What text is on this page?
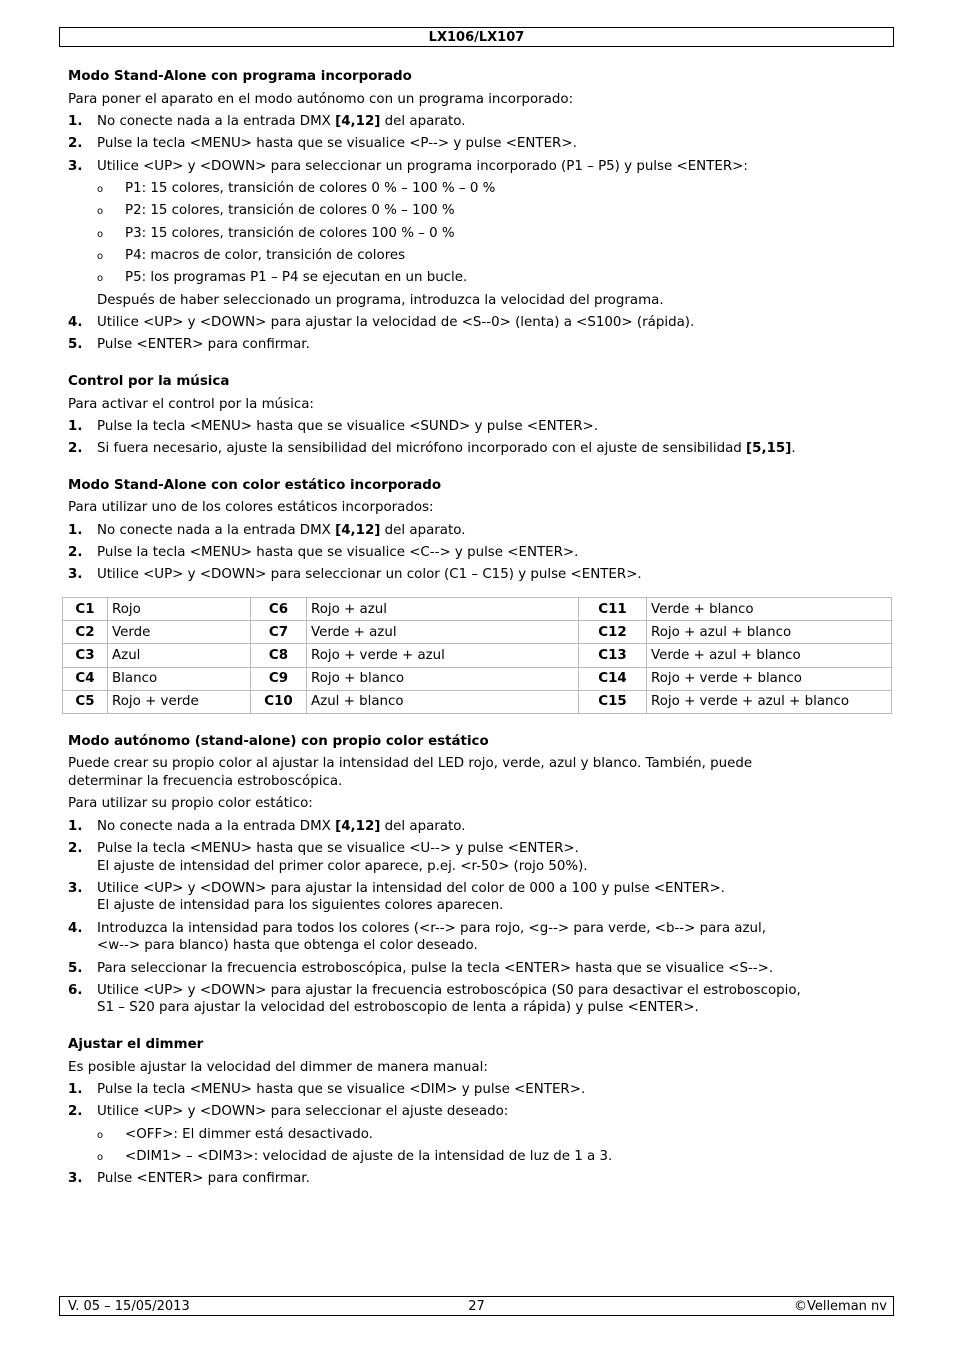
LX106/LX107
Modo Stand-Alone con programa incorporado
Para poner el aparato en el modo autónomo con un programa incorporado:
1. No conecte nada a la entrada DMX [4,12] del aparato.
2. Pulse la tecla <MENU> hasta que se visualice <P--> y pulse <ENTER>.
3. Utilice <UP> y <DOWN> para seleccionar un programa incorporado (P1 – P5) y pulse <ENTER>:
o P1: 15 colores, transición de colores 0 % – 100 % – 0 %
o P2: 15 colores, transición de colores 0 % – 100 %
o P3: 15 colores, transición de colores 100 % – 0 %
o P4: macros de color, transición de colores
o P5: los programas P1 – P4 se ejecutan en un bucle.
Después de haber seleccionado un programa, introduzca la velocidad del programa.
4. Utilice <UP> y <DOWN> para ajustar la velocidad de <S--0> (lenta) a <S100> (rápida).
5. Pulse <ENTER> para confirmar.
Control por la música
Para activar el control por la música:
1. Pulse la tecla <MENU> hasta que se visualice <SUND> y pulse <ENTER>.
2. Si fuera necesario, ajuste la sensibilidad del micrófono incorporado con el ajuste de sensibilidad [5,15].
Modo Stand-Alone con color estático incorporado
Para utilizar uno de los colores estáticos incorporados:
1. No conecte nada a la entrada DMX [4,12] del aparato.
2. Pulse la tecla <MENU> hasta que se visualice <C--> y pulse <ENTER>.
3. Utilice <UP> y <DOWN> para seleccionar un color (C1 – C15) y pulse <ENTER>.
C1	Rojo	C6	Rojo + azul	C11	Verde + blanco
C2	Verde	C7	Verde + azul	C12	Rojo + azul + blanco
C3	Azul	C8	Rojo + verde + azul	C13	Verde + azul + blanco
C4	Blanco	C9	Rojo + blanco	C14	Rojo + verde + blanco
C5	Rojo + verde	C10	Azul + blanco	C15	Rojo + verde + azul + blanco
Modo autónomo (stand-alone) con propio color estático
Puede crear su propio color al ajustar la intensidad del LED rojo, verde, azul y blanco. También, puede
determinar la frecuencia estroboscópica.
Para utilizar su propio color estático:
1. No conecte nada a la entrada DMX [4,12] del aparato.
2. Pulse la tecla <MENU> hasta que se visualice <U--> y pulse <ENTER>.
El ajuste de intensidad del primer color aparece, p.ej. <r-50> (rojo 50%).
3. Utilice <UP> y <DOWN> para ajustar la intensidad del color de 000 a 100 y pulse <ENTER>.
El ajuste de intensidad para los siguientes colores aparecen.
4. Introduzca la intensidad para todos los colores (<r--> para rojo, <g--> para verde, <b--> para azul,
<w--> para blanco) hasta que obtenga el color deseado.
5. Para seleccionar la frecuencia estroboscópica, pulse la tecla <ENTER> hasta que se visualice <S-->.
6. Utilice <UP> y <DOWN> para ajustar la frecuencia estroboscópica (S0 para desactivar el estroboscopio,
S1 – S20 para ajustar la velocidad del estroboscopio de lenta a rápida) y pulse <ENTER>.
Ajustar el dimmer
Es posible ajustar la velocidad del dimmer de manera manual:
1. Pulse la tecla <MENU> hasta que se visualice <DIM> y pulse <ENTER>.
2. Utilice <UP> y <DOWN> para seleccionar el ajuste deseado:
o <OFF>: El dimmer está desactivado.
o <DIM1> – <DIM3>: velocidad de ajuste de la intensidad de luz de 1 a 3.
3. Pulse <ENTER> para confirmar.
V. 05 – 15/05/2013	27	©Velleman nv
